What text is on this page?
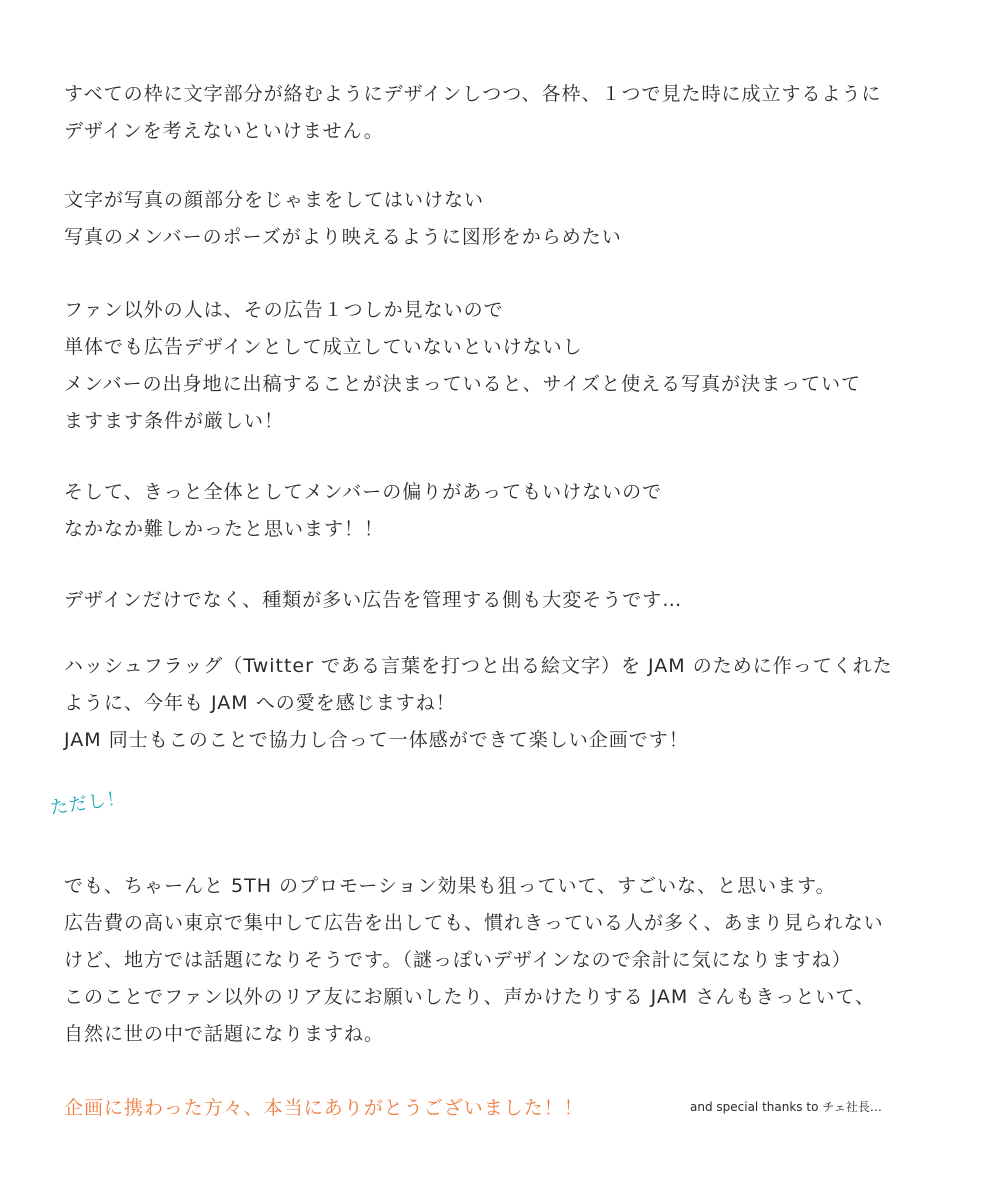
すべての枠に文字部分が絡むようにデザインしつつ、各枠、１つで見た時に成立するように
デザインを考えないといけません。
文字が写真の顔部分をじゃまをしてはいけない
写真のメンバーのポーズがより映えるように図形をからめたい
ファン以外の人は、その広告１つしか見ないので
単体でも広告デザインとして成立していないといけないし
メンバーの出身地に出稿することが決まっていると、サイズと使える写真が決まっていて
ますます条件が厳しい！
そして、きっと全体としてメンバーの偏りがあってもいけないので
なかなか難しかったと思います！！
デザインだけでなく、種類が多い広告を管理する側も大変そうです…
ハッシュフラッグ（Twitter である言葉を打つと出る絵文字）を JAM のために作ってくれた
ように、今年も JAM への愛を感じますね！
JAM 同士もこのことで協力し合って一体感ができて楽しい企画です！
ただし！
でも、ちゃーんと 5TH のプロモーション効果も狙っていて、すごいな、と思います。
広告費の高い東京で集中して広告を出しても、慣れきっている人が多く、あまり見られない
けど、地方では話題になりそうです。（謎っぽいデザインなので余計に気になりますね）
このことでファン以外のリア友にお願いしたり、声かけたりする JAM さんもきっといて、
自然に世の中で話題になりますね。
企画に携わった方々、本当にありがとうございました！！	and special thanks to チェ社長…
